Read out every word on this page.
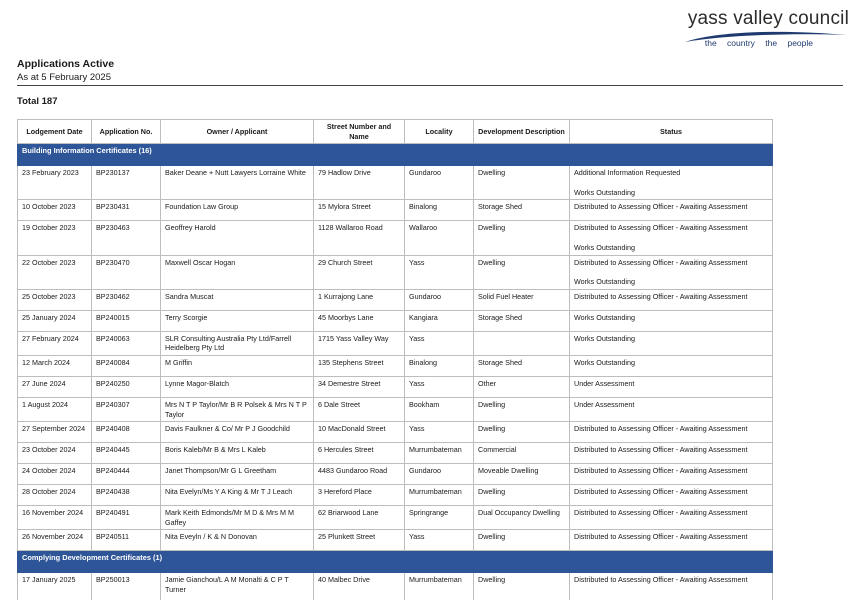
yass valley council
the country the people
Applications Active
As at 5 February 2025
Total 187
Lodgement Date	Application No.	Owner / Applicant	Street Number and Name	Locality	Development Description	Status
Building Information Certificates (16)						
23 February 2023	BP230137	Baker Deane + Nutt Lawyers Lorraine White	79 Hadlow Drive	Gundaroo	Dwelling	Additional Information Requested
Works Outstanding

10 October 2023	BP230431	Foundation Law Group	15 Mylora Street	Binalong	Storage Shed	Distributed to Assessing Officer - Awaiting Assessment
19 October 2023	BP230463	Geoffrey Harold	1128 Wallaroo Road	Wallaroo	Dwelling	Distributed to Assessing Officer - Awaiting Assessment
Works Outstanding

22 October 2023	BP230470	Maxwell Oscar Hogan	29 Church Street	Yass	Dwelling	Distributed to Assessing Officer - Awaiting Assessment
Works Outstanding

25 October 2023	BP230462	Sandra Muscat	1 Kurrajong Lane	Gundaroo	Solid Fuel Heater	Distributed to Assessing Officer - Awaiting Assessment
25 January 2024	BP240015	Terry Scorgie	45 Moorbys Lane	Kangiara	Storage Shed	Works Outstanding
27 February 2024	BP240063	SLR Consulting Australia Pty Ltd/Farrell Heidelberg Pty Ltd	1715 Yass Valley Way	Yass		Works Outstanding
12 March 2024	BP240084	M Griffin	135 Stephens Street	Binalong	Storage Shed	Works Outstanding
27 June 2024	BP240250	Lynne Magor-Blatch	34 Demestre Street	Yass	Other	Under Assessment
1 August 2024	BP240307	Mrs N T P Taylor/Mr B R Polsek & Mrs N T P Taylor	6 Dale Street	Bookham	Dwelling	Under Assessment
27 September 2024	BP240408	Davis Faulkner & Co/ Mr P J Goodchild	10 MacDonald Street	Yass	Dwelling	Distributed to Assessing Officer - Awaiting Assessment
23 October 2024	BP240445	Boris Kaleb/Mr B & Mrs L Kaleb	6 Hercules Street	Murrumbateman	Commercial	Distributed to Assessing Officer - Awaiting Assessment
24 October 2024	BP240444	Janet Thompson/Mr G L Greetham	4483 Gundaroo Road	Gundaroo	Moveable Dwelling	Distributed to Assessing Officer - Awaiting Assessment
28 October 2024	BP240438	Nita Evelyn/Ms Y A King & Mr T J Leach	3 Hereford Place	Murrumbateman	Dwelling	Distributed to Assessing Officer - Awaiting Assessment
16 November 2024	BP240491	Mark Keith Edmonds/Mr M D & Mrs M M Gaffey	62 Briarwood Lane	Springrange	Dual Occupancy Dwelling	Distributed to Assessing Officer - Awaiting Assessment
26 November 2024	BP240511	Nita Eveyln / K & N Donovan	25 Plunkett Street	Yass	Dwelling	Distributed to Assessing Officer - Awaiting Assessment
Complying Development Certificates (1)						
17 January 2025	BP250013	Jamie Gianchou/L A M Monalti & C P T Turner	40 Malbec Drive	Murrumbateman	Dwelling	Distributed to Assessing Officer - Awaiting Assessment
